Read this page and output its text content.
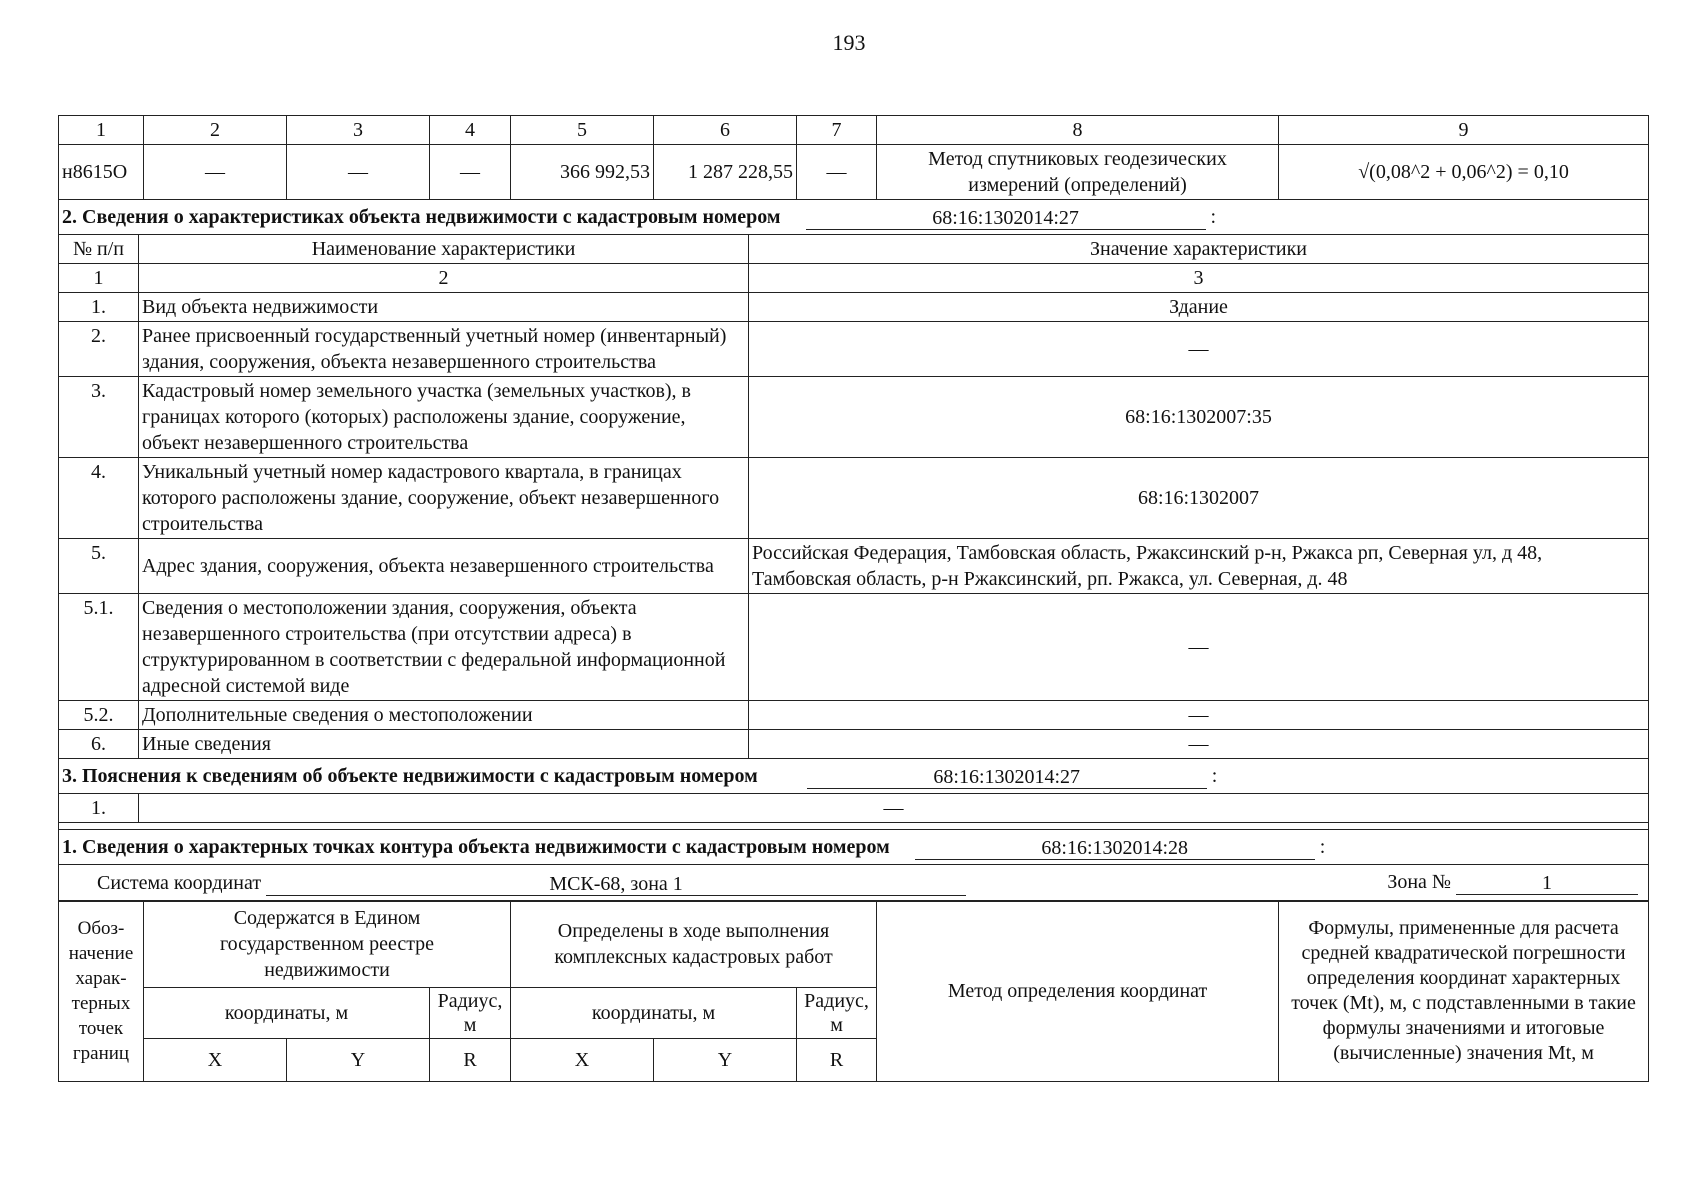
193
1	2	3	4	5	6	7	8	9
н8615О	—	—	—	366 992,53	1 287 228,55	—	Метод спутниковых геодезических измерений (определений)	√(0,08^2 + 0,06^2) = 0,10
2. Сведения о характеристиках объекта недвижимости с кадастровым номером 68:16:1302014:27 :		
№ п/п	Наименование характеристики	Значение характеристики
1	2	3
1.	Вид объекта недвижимости	Здание
2.	Ранее присвоенный государственный учетный номер (инвентарный) здания, сооружения, объекта незавершенного строительства	—
3.	Кадастровый номер земельного участка (земельных участков), в границах которого (которых) расположены здание, сооружение, объект незавершенного строительства	68:16:1302007:35
4.	Уникальный учетный номер кадастрового квартала, в границах которого расположены здание, сооружение, объект незавершенного строительства	68:16:1302007
5.	Адрес здания, сооружения, объекта незавершенного строительства	Российская Федерация, Тамбовская область, Ржаксинский р-н, Ржакса рп, Северная ул, д 48, Тамбовская область, р-н Ржаксинский, рп. Ржакса, ул. Северная, д. 48
5.1.	Сведения о местоположении здания, сооружения, объекта незавершенного строительства (при отсутствии адреса) в структурированном в соответствии с федеральной информационной адресной системой виде	—
5.2.	Дополнительные сведения о местоположении	—
6.	Иные сведения	—
3. Пояснения к сведениям об объекте недвижимости с кадастровым номером 68:16:1302014:27 :		
1.	—	

1. Сведения о характерных точках контура объекта недвижимости с кадастровым номером 68:16:1302014:28 :		
Система координат МСК-68, зона 1 Зона № 1		
Обоз-начение харак-терных точек границ	Содержатся в Едином государственном реестре недвижимости			Определены в ходе выполнения комплексных кадастровых работ			Метод определения координат	Формулы, примененные для расчета средней квадратической погрешности определения координат характерных точек (Mt), м, с подставленными в такие формулы значениями и итоговые (вычисленные) значения Mt, м
	координаты, м		Радиус, м	координаты, м		Радиус, м		
	X	Y	R	X	Y	R		
